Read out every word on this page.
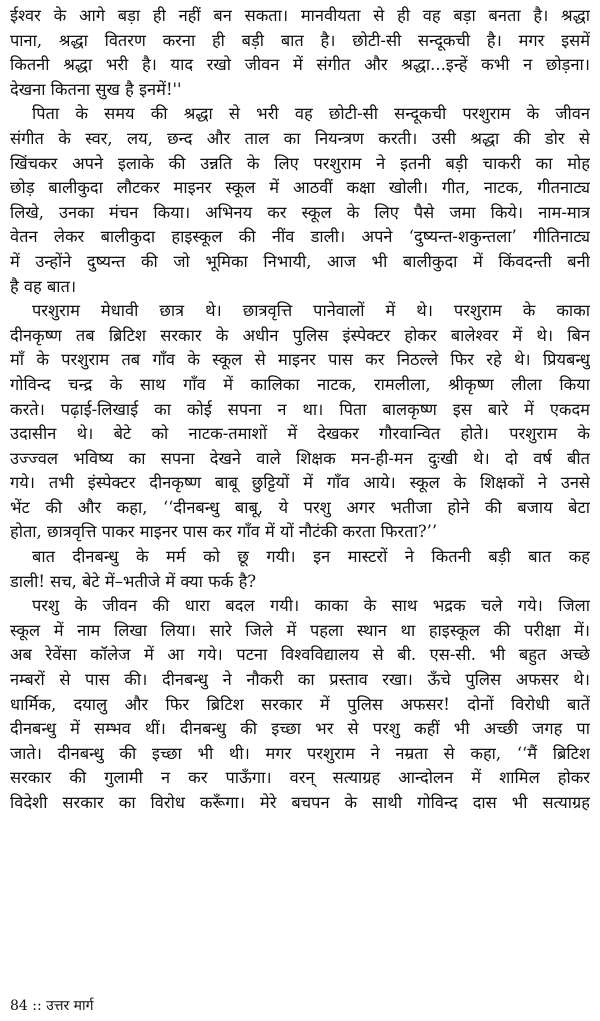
ईश्वर के आगे बड़ा ही नहीं बन सकता। मानवीयता से ही वह बड़ा बनता है। श्रद्धा
पाना, श्रद्धा वितरण करना ही बड़ी बात है। छोटी-सी सन्दूकची है। मगर इसमें
कितनी श्रद्धा भरी है। याद रखो जीवन में संगीत और श्रद्धा...इन्हें कभी न छोड़ना।
देखना कितना सुख है इनमें!''
पिता के समय की श्रद्धा से भरी वह छोटी-सी सन्दूकची परशुराम के जीवन
संगीत के स्वर, लय, छन्द और ताल का नियन्त्रण करती। उसी श्रद्धा की डोर से
खिंचकर अपने इलाके की उन्नति के लिए परशुराम ने इतनी बड़ी चाकरी का मोह
छोड़ बालीकुदा लौटकर माइनर स्कूल में आठवीं कक्षा खोली। गीत, नाटक, गीतनाट्य
लिखे, उनका मंचन किया। अभिनय कर स्कूल के लिए पैसे जमा किये। नाम-मात्र
वेतन लेकर बालीकुदा हाइस्कूल की नींव डाली। अपने ‘दुष्यन्त-शकुन्तला’ गीतिनाट्य
में उन्होंने दुष्यन्त की जो भूमिका निभायी, आज भी बालीकुदा में किंवदन्ती बनी
है वह बात।
परशुराम मेधावी छात्र थे। छात्रवृत्ति पानेवालों में थे। परशुराम के काका
दीनकृष्ण तब ब्रिटिश सरकार के अधीन पुलिस इंस्पेक्टर होकर बालेश्वर में थे। बिन
माँ के परशुराम तब गाँव के स्कूल से माइनर पास कर निठल्ले फिर रहे थे। प्रियबन्धु
गोविन्द चन्द्र के साथ गाँव में कालिका नाटक, रामलीला, श्रीकृष्ण लीला किया
करते। पढ़ाई-लिखाई का कोई सपना न था। पिता बालकृष्ण इस बारे में एकदम
उदासीन थे। बेटे को नाटक-तमाशों में देखकर गौरवान्वित होते। परशुराम के
उज्ज्वल भविष्य का सपना देखने वाले शिक्षक मन-ही-मन दुःखी थे। दो वर्ष बीत
गये। तभी इंस्पेक्टर दीनकृष्ण बाबू छुट्टियों में गाँव आये। स्कूल के शिक्षकों ने उनसे
भेंट की और कहा, ‘‘दीनबन्धु बाबू, ये परशु अगर भतीजा होने की बजाय बेटा
होता, छात्रवृत्ति पाकर माइनर पास कर गाँव में यों नौटंकी करता फिरता?’’
बात दीनबन्धु के मर्म को छू गयी। इन मास्टरों ने कितनी बड़ी बात कह
डाली! सच, बेटे में–भतीजे में क्या फर्क है?
परशु के जीवन की धारा बदल गयी। काका के साथ भद्रक चले गये। जिला
स्कूल में नाम लिखा लिया। सारे जिले में पहला स्थान था हाइस्कूल की परीक्षा में।
अब रेवेंसा कॉलेज में आ गये। पटना विश्वविद्यालय से बी. एस-सी. भी बहुत अच्छे
नम्बरों से पास की। दीनबन्धु ने नौकरी का प्रस्ताव रखा। ऊँचे पुलिस अफसर थे।
धार्मिक, दयालु और फिर ब्रिटिश सरकार में पुलिस अफसर! दोनों विरोधी बातें
दीनबन्धु में सम्भव थीं। दीनबन्धु की इच्छा भर से परशु कहीं भी अच्छी जगह पा
जाते। दीनबन्धु की इच्छा भी थी। मगर परशुराम ने नम्रता से कहा, ‘‘मैं ब्रिटिश
सरकार की गुलामी न कर पाऊँगा। वरन् सत्याग्रह आन्दोलन में शामिल होकर
विदेशी सरकार का विरोध करूँगा। मेरे बचपन के साथी गोविन्द दास भी सत्याग्रह
84 :: उत्तर मार्ग
